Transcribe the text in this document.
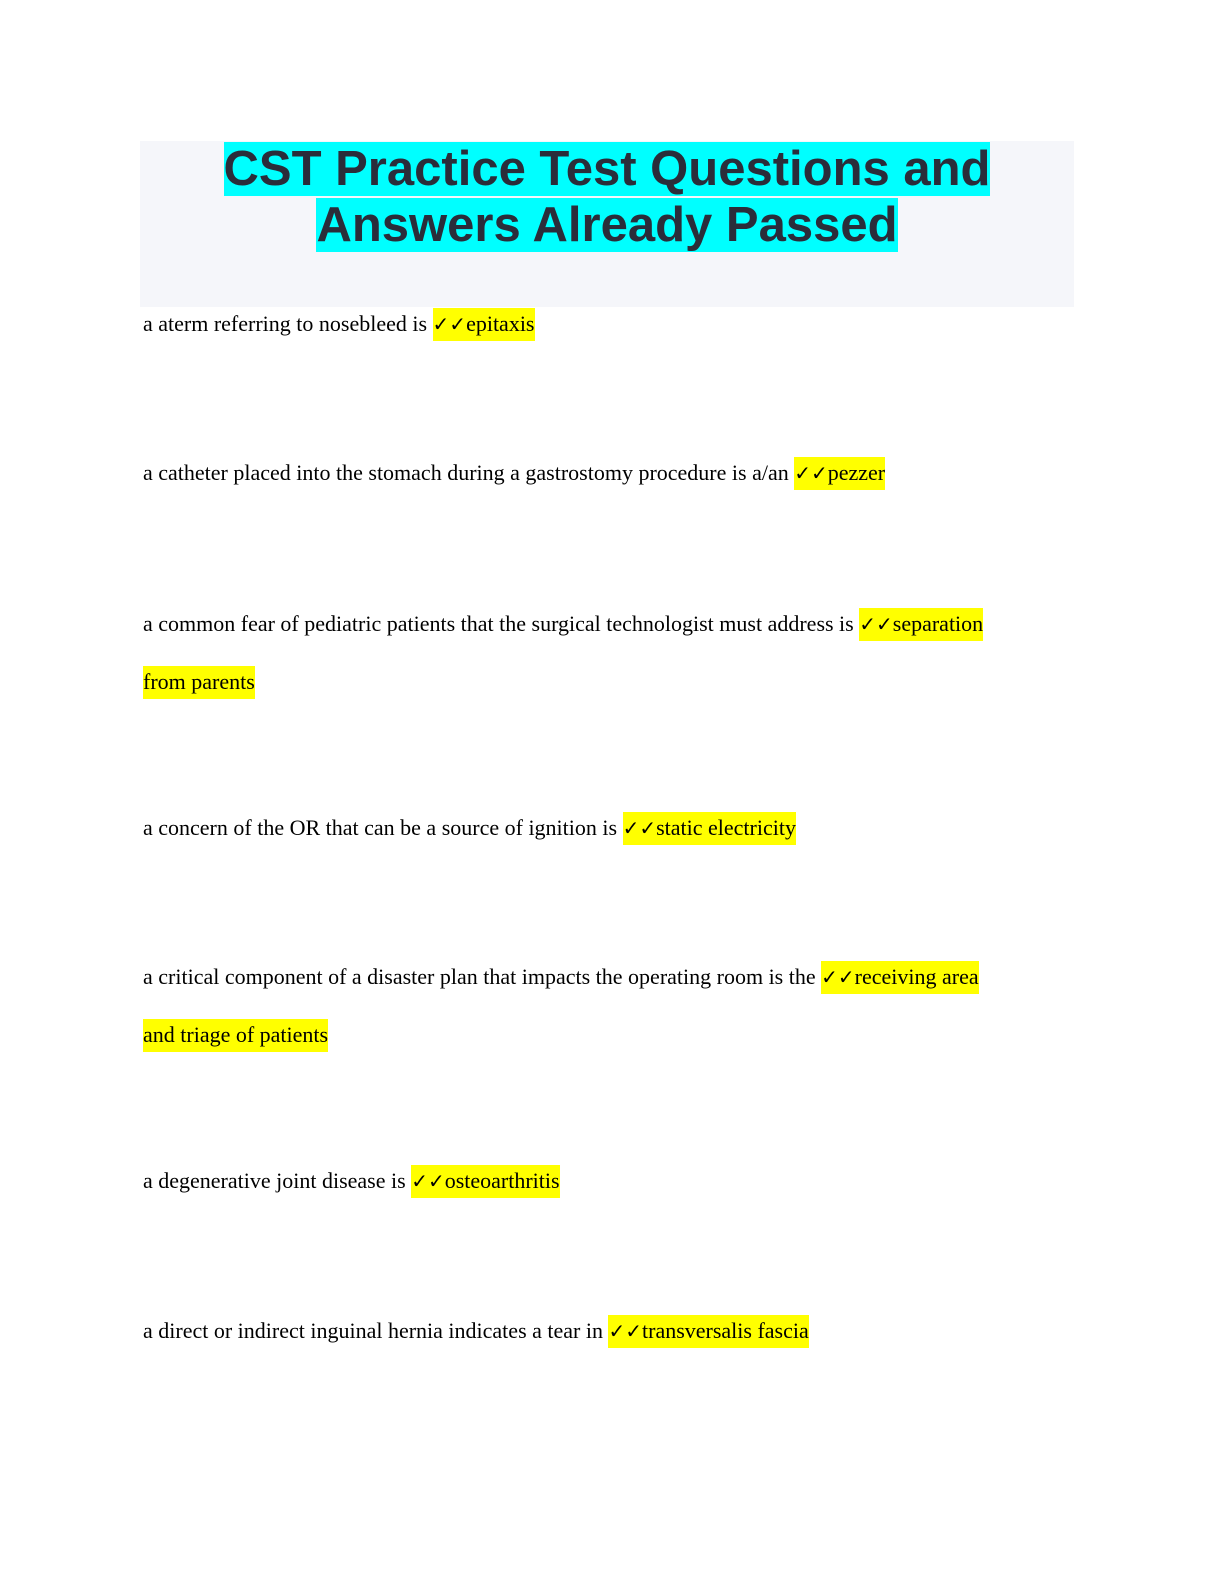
CST Practice Test Questions and
Answers Already Passed

a aterm referring to nosebleed is ✓✓epitaxis

a catheter placed into the stomach during a gastrostomy procedure is a/an ✓✓pezzer

a common fear of pediatric patients that the surgical technologist must address is ✓✓separation
from parents

a concern of the OR that can be a source of ignition is ✓✓static electricity

a critical component of a disaster plan that impacts the operating room is the ✓✓receiving area
and triage of patients

a degenerative joint disease is ✓✓osteoarthritis

a direct or indirect inguinal hernia indicates a tear in ✓✓transversalis fascia
